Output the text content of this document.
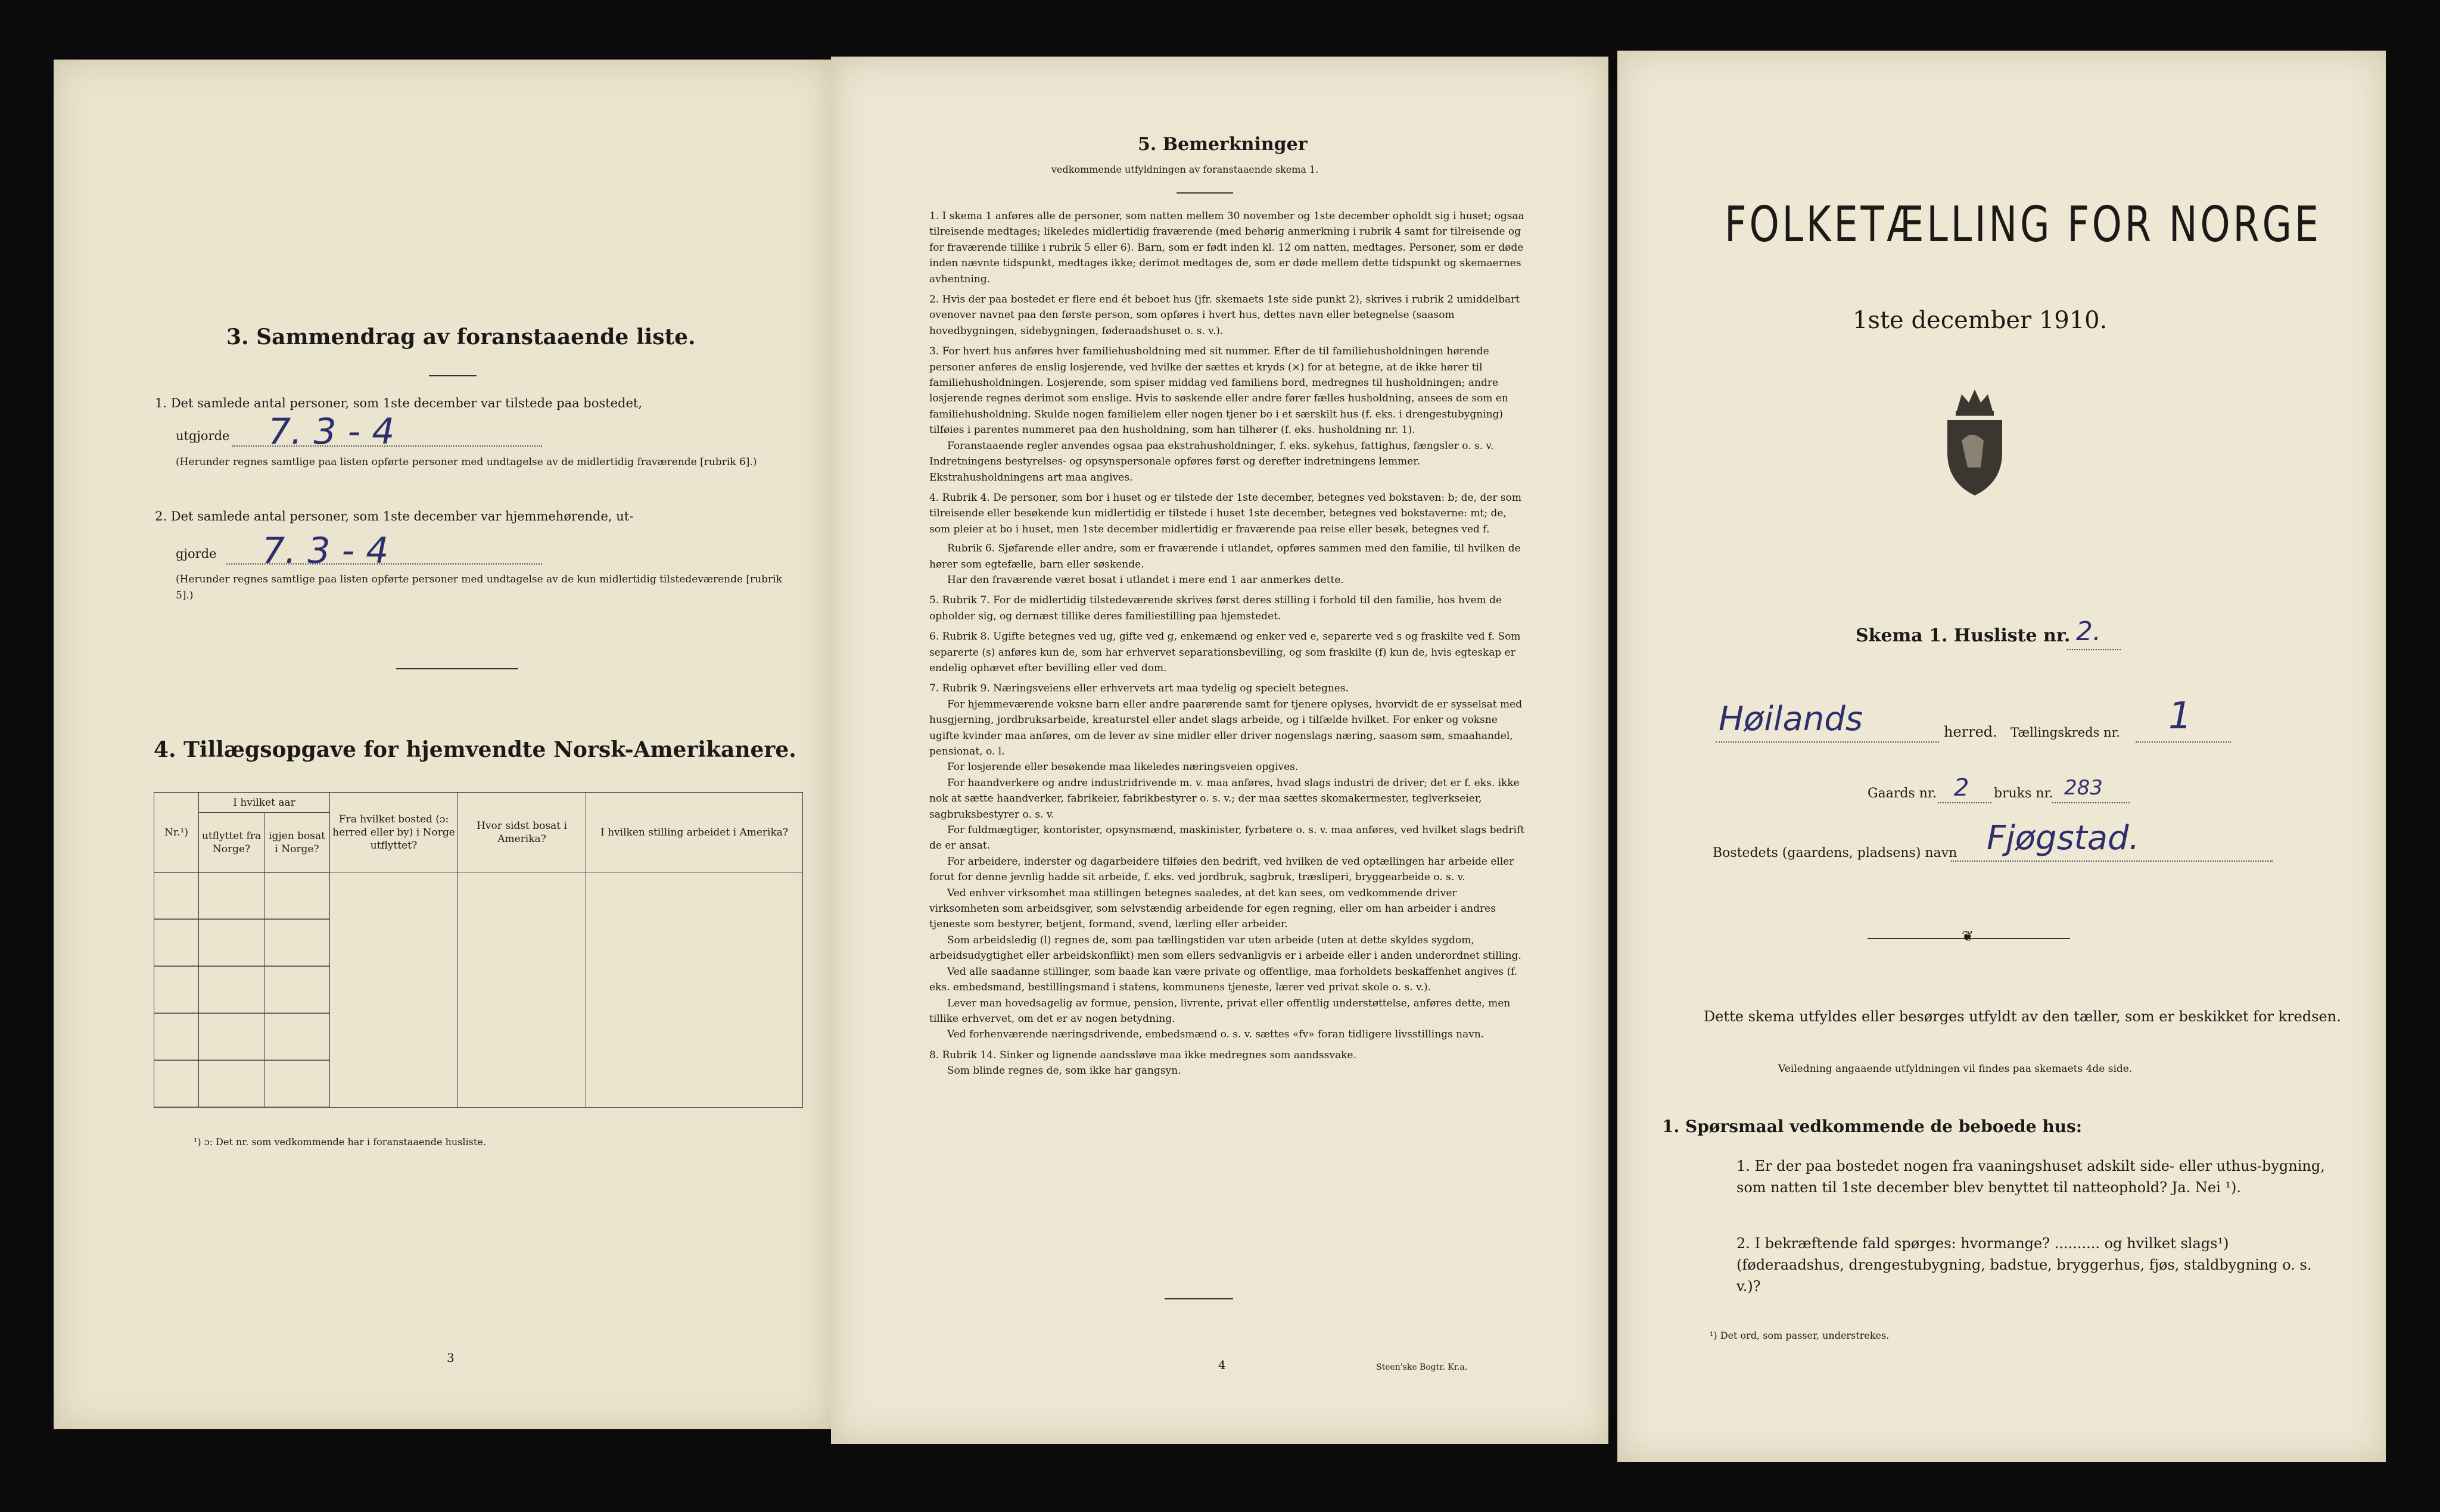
3. Sammendrag av foranstaaende liste.
1. Det samlede antal personer, som 1ste december var tilstede paa bostedet,
utgjorde 7. 3 - 4
(Herunder regnes samtlige paa listen opførte personer med undtagelse av de midlertidig fraværende [rubrik 6].)
2. Det samlede antal personer, som 1ste december var hjemmehørende, ut-
gjorde 7. 3 - 4
(Herunder regnes samtlige paa listen opførte personer med undtagelse av de kun midlertidig tilstedeværende [rubrik 5].)
4. Tillægsopgave for hjemvendte Norsk-Amerikanere.
Nr.¹)	I hvilket aar		Fra hvilket bosted (ɔ: herred eller by) i Norge utflyttet?	Hvor sidst bosat i Amerika?	I hvilken stilling arbeidet i Amerika?
	utflyttet fra Norge?	igjen bosat i Norge?			

¹) ɔ: Det nr. som vedkommende har i foranstaaende husliste.
3
5. Bemerkninger
vedkommende utfyldningen av foranstaaende skema 1.

1. I skema 1 anføres alle de personer, som natten mellem 30 november og 1ste december opholdt sig i huset; ogsaa tilreisende medtages; likeledes midlertidig fraværende (med behørig anmerkning i rubrik 4 samt for tilreisende og for fraværende tillike i rubrik 5 eller 6). Barn, som er født inden kl. 12 om natten, medtages. Personer, som er døde inden nævnte tidspunkt, medtages ikke; derimot medtages de, som er døde mellem dette tidspunkt og skemaernes avhentning.

2. Hvis der paa bostedet er flere end ét beboet hus (jfr. skemaets 1ste side punkt 2), skrives i rubrik 2 umiddelbart ovenover navnet paa den første person, som opføres i hvert hus, dettes navn eller betegnelse (saasom hovedbygningen, sidebygningen, føderaadshuset o. s. v.).

3. For hvert hus anføres hver familiehusholdning med sit nummer. Efter de til familiehusholdningen hørende personer anføres de enslig losjerende, ved hvilke der sættes et kryds (×) for at betegne, at de ikke hører til familiehusholdningen. Losjerende, som spiser middag ved familiens bord, medregnes til husholdningen; andre losjerende regnes derimot som enslige. Hvis to søskende eller andre fører fælles husholdning, ansees de som en familiehusholdning. Skulde nogen familielem eller nogen tjener bo i et særskilt hus (f. eks. i drengestubygning) tilføies i parentes nummeret paa den husholdning, som han tilhører (f. eks. husholdning nr. 1).

Foranstaaende regler anvendes ogsaa paa ekstrahusholdninger, f. eks. sykehus, fattighus, fængsler o. s. v. Indretningens bestyrelses- og opsynspersonale opføres først og derefter indretningens lemmer. Ekstrahusholdningens art maa angives.

4. Rubrik 4. De personer, som bor i huset og er tilstede der 1ste december, betegnes ved bokstaven: b; de, der som tilreisende eller besøkende kun midlertidig er tilstede i huset 1ste december, betegnes ved bokstaverne: mt; de, som pleier at bo i huset, men 1ste december midlertidig er fraværende paa reise eller besøk, betegnes ved f.

Rubrik 6. Sjøfarende eller andre, som er fraværende i utlandet, opføres sammen med den familie, til hvilken de hører som egtefælle, barn eller søskende.

Har den fraværende været bosat i utlandet i mere end 1 aar anmerkes dette.

5. Rubrik 7. For de midlertidig tilstedeværende skrives først deres stilling i forhold til den familie, hos hvem de opholder sig, og dernæst tillike deres familiestilling paa hjemstedet.

6. Rubrik 8. Ugifte betegnes ved ug, gifte ved g, enkemænd og enker ved e, separerte ved s og fraskilte ved f. Som separerte (s) anføres kun de, som har erhvervet separationsbevilling, og som fraskilte (f) kun de, hvis egteskap er endelig ophævet efter bevilling eller ved dom.

7. Rubrik 9. Næringsveiens eller erhvervets art maa tydelig og specielt betegnes.

For hjemmeværende voksne barn eller andre paarørende samt for tjenere oplyses, hvorvidt de er sysselsat med husgjerning, jordbruksarbeide, kreaturstel eller andet slags arbeide, og i tilfælde hvilket. For enker og voksne ugifte kvinder maa anføres, om de lever av sine midler eller driver nogenslags næring, saasom søm, smaahandel, pensionat, o. l.

For losjerende eller besøkende maa likeledes næringsveien opgives.

For haandverkere og andre industridrivende m. v. maa anføres, hvad slags industri de driver; det er f. eks. ikke nok at sætte haandverker, fabrikeier, fabrikbestyrer o. s. v.; der maa sættes skomakermester, teglverkseier, sagbruksbestyrer o. s. v.

For fuldmægtiger, kontorister, opsynsmænd, maskinister, fyrbøtere o. s. v. maa anføres, ved hvilket slags bedrift de er ansat.

For arbeidere, inderster og dagarbeidere tilføies den bedrift, ved hvilken de ved optællingen har arbeide eller forut for denne jevnlig hadde sit arbeide, f. eks. ved jordbruk, sagbruk, træsliperi, bryggearbeide o. s. v.

Ved enhver virksomhet maa stillingen betegnes saaledes, at det kan sees, om vedkommende driver virksomheten som arbeidsgiver, som selvstændig arbeidende for egen regning, eller om han arbeider i andres tjeneste som bestyrer, betjent, formand, svend, lærling eller arbeider.

Som arbeidsledig (l) regnes de, som paa tællingstiden var uten arbeide (uten at dette skyldes sygdom, arbeidsudygtighet eller arbeidskonflikt) men som ellers sedvanligvis er i arbeide eller i anden underordnet stilling.

Ved alle saadanne stillinger, som baade kan være private og offentlige, maa forholdets beskaffenhet angives (f. eks. embedsmand, bestillingsmand i statens, kommunens tjeneste, lærer ved privat skole o. s. v.).

Lever man hovedsagelig av formue, pension, livrente, privat eller offentlig understøttelse, anføres dette, men tillike erhvervet, om det er av nogen betydning.

Ved forhenværende næringsdrivende, embedsmænd o. s. v. sættes «fv» foran tidligere livsstillings navn.

8. Rubrik 14. Sinker og lignende aandssløve maa ikke medregnes som aandssvake.

Som blinde regnes de, som ikke har gangsyn.

4	Steen'ske Bogtr. Kr.a.
FOLKETÆLLING FOR NORGE
1ste december 1910.
Skema 1. Husliste nr. 2.
Høilands	herred. Tællingskreds nr. 1
Gaards nr. 2 bruks nr. 283
Bostedets (gaardens, pladsens) navn Fjøgstad.
❦
Dette skema utfyldes eller besørges utfyldt av den tæller, som er beskikket for kredsen.
Veiledning angaaende utfyldningen vil findes paa skemaets 4de side.
1. Spørsmaal vedkommende de beboede hus:
1. Er der paa bostedet nogen fra vaaningshuset adskilt side- eller uthus-bygning, som natten til 1ste december blev benyttet til natteophold? Ja. Nei ¹).
2. I bekræftende fald spørges: hvormange? .......... og hvilket slags¹) (føderaadshus, drengestubygning, badstue, bryggerhus, fjøs, staldbygning o. s. v.)?
¹) Det ord, som passer, understrekes.
